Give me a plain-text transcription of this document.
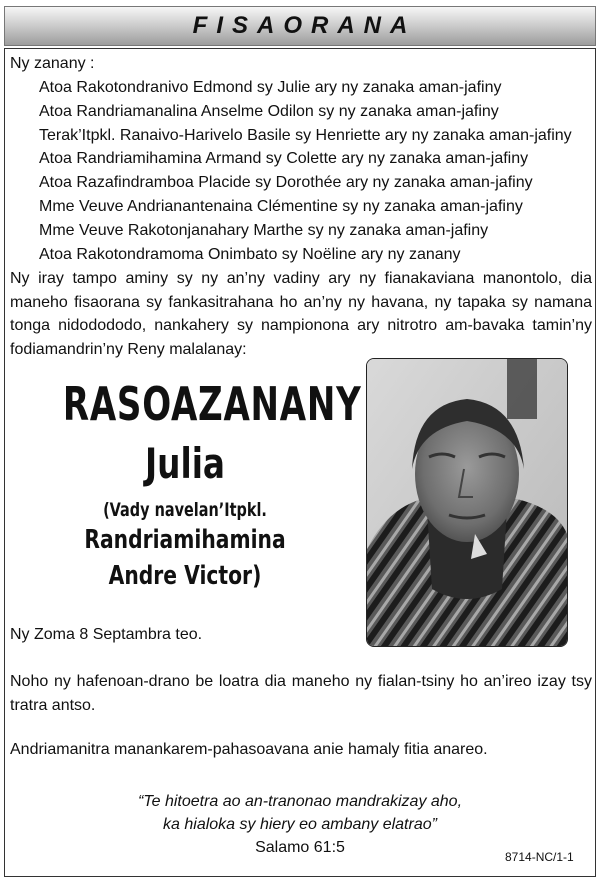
FISAORANA
Ny zanany :
Atoa Rakotondranivo Edmond sy Julie ary ny zanaka aman-jafiny
Atoa Randriamanalina Anselme Odilon sy ny zanaka aman-jafiny
Terak’Itpkl. Ranaivo-Harivelo Basile sy Henriette ary ny zanaka aman-jafiny
Atoa Randriamihamina Armand sy Colette ary ny zanaka aman-jafiny
Atoa Razafindramboa Placide sy Dorothée ary ny zanaka aman-jafiny
Mme Veuve Andrianantenaina Clémentine sy ny zanaka aman-jafiny
Mme Veuve Rakotonjanahary Marthe sy ny zanaka aman-jafiny
Atoa Rakotondramoma Onimbato sy Noëline ary ny zanany
Ny iray tampo aminy sy ny an’ny vadiny ary ny fianakaviana manontolo, dia maneho fisaorana sy fankasitrahana ho an’ny ny havana, ny tapaka sy namana tonga nidodododo, nankahery sy nampionona ary nitrotro am-bavaka tamin’ny fodiamandrin’ny Reny malalanay:
RASOAZANANY
Julia
(Vady navelan’Itpkl.
Randriamihamina
Andre Victor)
Ny Zoma 8 Septambra teo.
Noho ny hafenoan-drano be loatra dia maneho ny fialan-tsiny ho an’ireo izay tsy tratra antso.
Andriamanitra manankarem-pahasoavana anie hamaly fitia anareo.
“Te hitoetra ao an-tranonao mandrakizay aho,
ka hialoka sy hiery eo ambany elatrao”
Salamo 61:5
8714-NC/1-1
